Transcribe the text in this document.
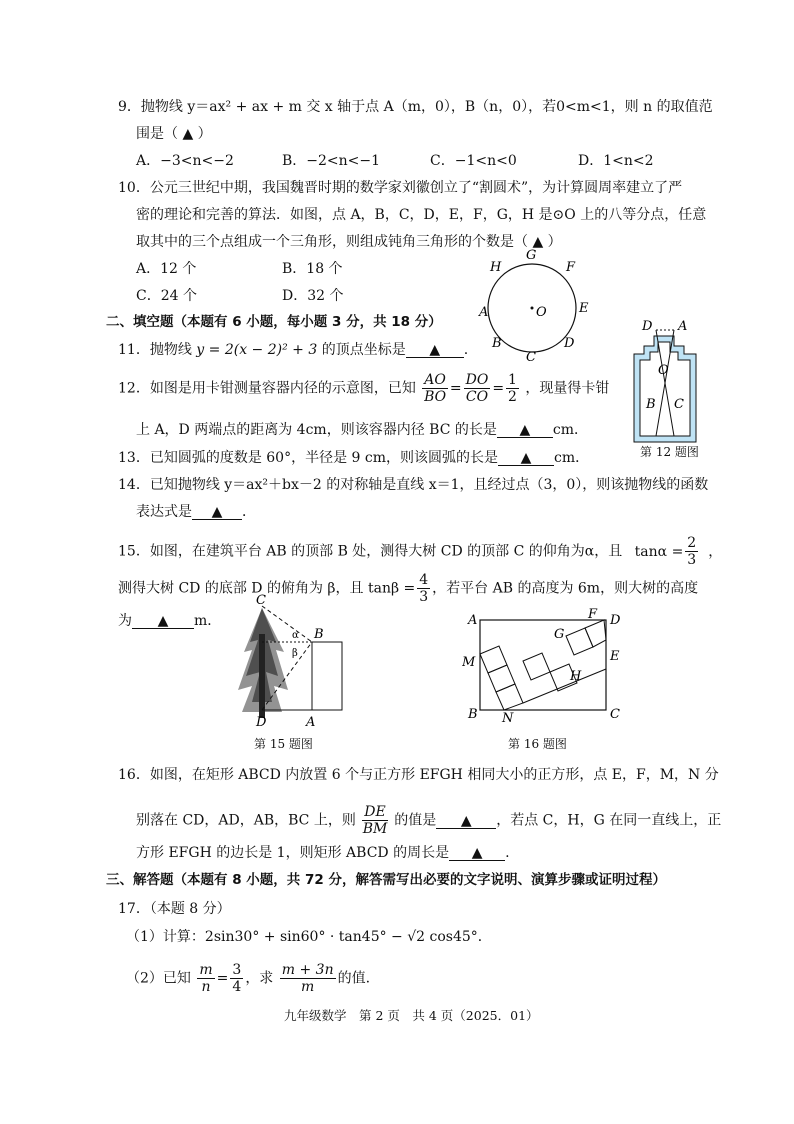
9．抛物线 y＝ax² + ax + m 交 x 轴于点 A（m，0），B（n，0），若0<m<1，则 n 的取值范
围是（ ▲ ）
A．−3<n<−2	B．−2<n<−1	C．−1<n<0	D．1<n<2
10．公元三世纪中期，我国魏晋时期的数学家刘徽创立了“割圆术”，为计算圆周率建立了严
密的理论和完善的算法．如图，点 A，B，C，D，E，F，G，H 是⊙O 上的八等分点，任意
取其中的三个点组成一个三角形，则组成钝角三角形的个数是（ ▲ ）
A．12 个	B．18 个
C．24 个	D．32 个
G
F
H
E
A	O
B	D
C
二、填空题（本题有 6 小题，每小题 3 分，共 18 分）
11．抛物线 y = 2(x − 2)² + 3 的顶点坐标是 ▲ .
12．如图是用卡钳测量容器内径的示意图，已知 $\frac{AO}{BO} = \frac{DO}{CO} = \frac{1}{2}$ ，现量得卡钳
上 A，D 两端点的距离为 4cm，则该容器内径 BC 的长是 ▲ cm．
D A
O
B C
第 12 题图
13．已知圆弧的度数是 60°，半径是 9 cm，则该圆弧的长是 ▲ cm．
14．已知抛物线 y＝ax²＋bx－2 的对称轴是直线 x＝1，且经过点（3，0），则该抛物线的函数
表达式是 ▲ ．
15．如图，在建筑平台 AB 的顶部 B 处，测得大树 CD 的顶部 C 的仰角为α，且 $\tan\alpha = \frac{2}{3}$ ，
测得大树 CD 的底部 D 的俯角为 β，且 $\tan\beta = \frac{4}{3}$ ，若平台 AB 的高度为 6m，则大树的高度
为 ▲ m．
C
α
β
B
D	A
第 15 题图
A	F D
G
M	E
H
B N	C
第 16 题图
16．如图，在矩形 ABCD 内放置 6 个与正方形 EFGH 相同大小的正方形，点 E，F，M，N 分
别落在 CD，AD，AB，BC 上，则 $\frac{DE}{BM}$ 的值是 ▲ ，若点 C，H，G 在同一直线上，正
方形 EFGH 的边长是 1，则矩形 ABCD 的周长是 ▲ .
三、解答题（本题有 8 小题，共 72 分，解答需写出必要的文字说明、演算步骤或证明过程）
17．（本题 8 分）
（1）计算：2sin30° + sin60° · tan45° − √2 cos45°．
（2）已知 $\frac{m}{n} = \frac{3}{4}$ ，求 $\frac{m + 3n}{m}$ 的值.
九年级数学　第 2 页　共 4 页（2025．01）
